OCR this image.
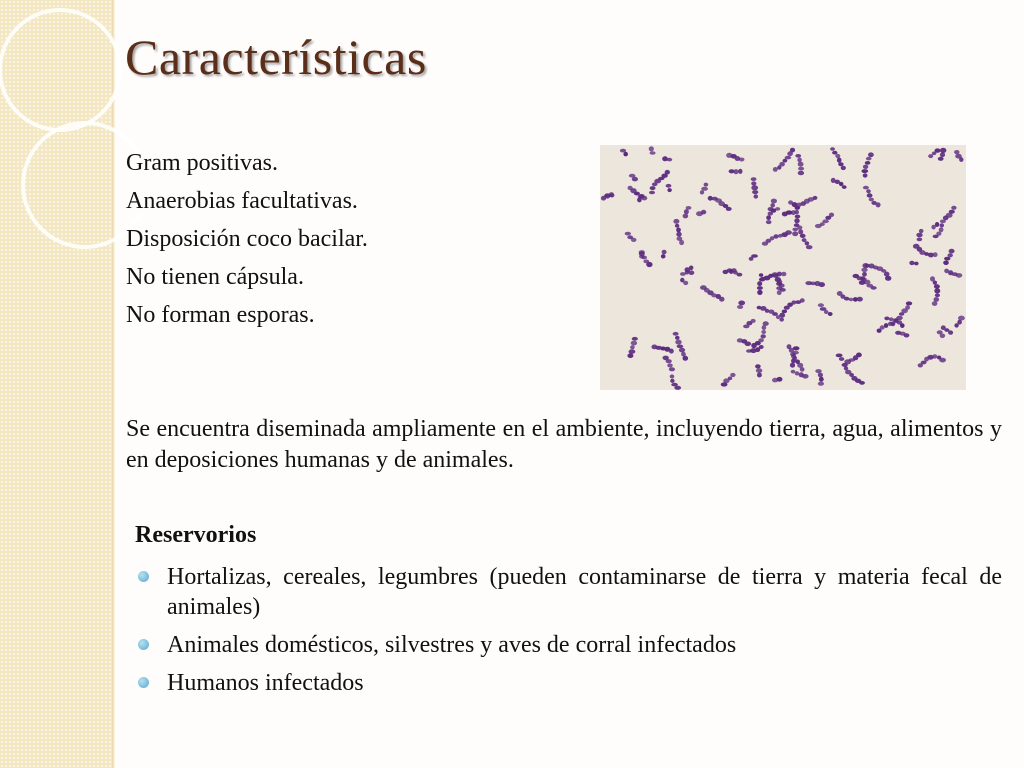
Características
Gram positivas.
Anaerobias facultativas.
Disposición coco bacilar.
No tienen cápsula.
No forman esporas.

Se encuentra diseminada ampliamente en el ambiente, incluyendo tierra, agua, alimentos y en deposiciones humanas y de animales.

Reservorios

Hortalizas, cereales, legumbres (pueden contaminarse de tierra y materia fecal de animales)
Animales domésticos, silvestres y aves de corral infectados
Humanos infectados
